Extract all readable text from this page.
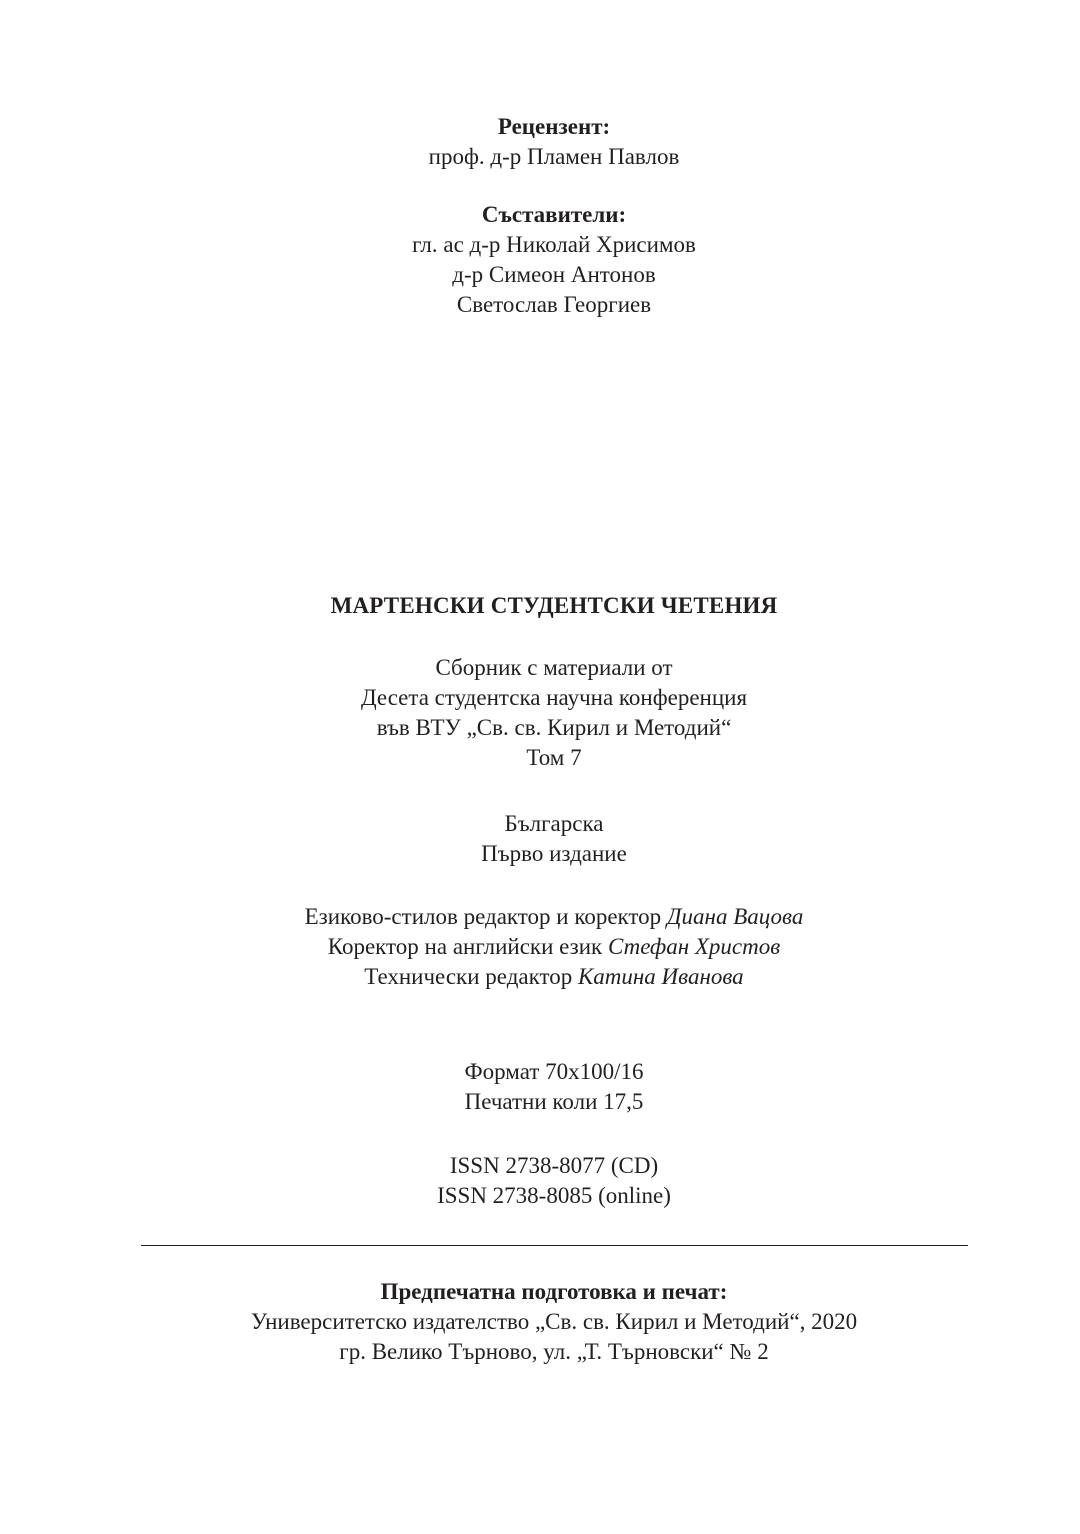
Рецензент:
проф. д-р Пламен Павлов
Съставители:
гл. ас д-р Николай Хрисимов
д-р Симеон Антонов
Светослав Георгиев
МАРТЕНСКИ СТУДЕНТСКИ ЧЕТЕНИЯ
Сборник с материали от
Десета студентска научна конференция
във ВТУ „Св. св. Кирил и Методий“
Том 7
Българска
Първо издание
Езиково-стилов редактор и коректор Диана Вацова
Коректор на английски език Стефан Христов
Технически редактор Катина Иванова
Формат 70x100/16
Печатни коли 17,5
ISSN 2738-8077 (CD)
ISSN 2738-8085 (online)
Предпечатна подготовка и печат:
Университетско издателство „Св. св. Кирил и Методий“, 2020
гр. Велико Търново, ул. „Т. Търновски“ № 2
